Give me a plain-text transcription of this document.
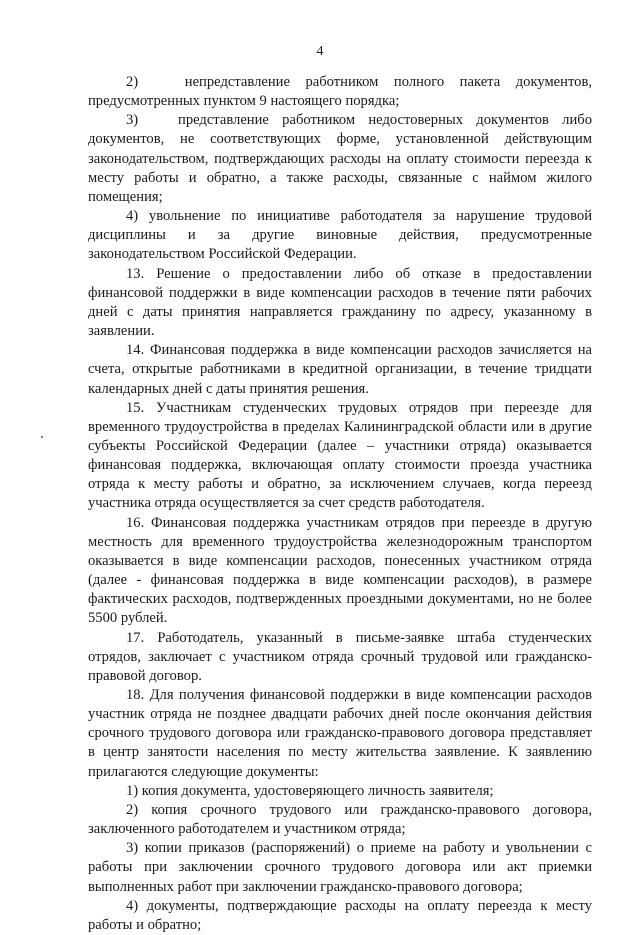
4

2)   непредставление работником полного пакета документов, предусмотренных пунктом 9 настоящего порядка;

3)   представление работником недостоверных документов либо документов, не соответствующих форме, установленной действующим законодательством, подтверждающих расходы на оплату стоимости переезда к месту работы и обратно, а также расходы, связанные с наймом жилого помещения;

4) увольнение по инициативе работодателя за нарушение трудовой дисциплины и за другие виновные действия, предусмотренные законодательством Российской Федерации.

13. Решение о предоставлении либо об отказе в предоставлении финансовой поддержки в виде компенсации расходов в течение пяти рабочих дней с даты принятия направляется гражданину по адресу, указанному в заявлении.

14. Финансовая поддержка в виде компенсации расходов зачисляется на счета, открытые работниками в кредитной организации, в течение тридцати календарных дней с даты принятия решения.

15. Участникам студенческих трудовых отрядов при переезде для временного трудоустройства в пределах Калининградской области или в другие субъекты Российской Федерации (далее – участники отряда) оказывается финансовая поддержка, включающая оплату стоимости проезда участника отряда к месту работы и обратно, за исключением случаев, когда переезд участника отряда осуществляется за счет средств работодателя.

16. Финансовая поддержка участникам отрядов при переезде в другую местность для временного трудоустройства железнодорожным транспортом оказывается в виде компенсации расходов, понесенных участником отряда (далее - финансовая поддержка в виде компенсации расходов), в размере фактических расходов, подтвержденных проездными документами, но не более 5500 рублей.

17. Работодатель, указанный в письме-заявке штаба студенческих отрядов, заключает с участником отряда срочный трудовой или гражданско-правовой договор.

18. Для получения финансовой поддержки в виде компенсации расходов участник отряда не позднее двадцати рабочих дней после окончания действия срочного трудового договора или гражданско-правового договора представляет в центр занятости населения по месту жительства заявление. К заявлению прилагаются следующие документы:

1) копия документа, удостоверяющего личность заявителя;

2) копия срочного трудового или гражданско-правового договора, заключенного работодателем и участником отряда;

3) копии приказов (распоряжений) о приеме на работу и увольнении с работы при заключении срочного трудового договора или акт приемки выполненных работ при заключении гражданско-правового договора;

4) документы, подтверждающие расходы на оплату переезда к месту работы и обратно;
